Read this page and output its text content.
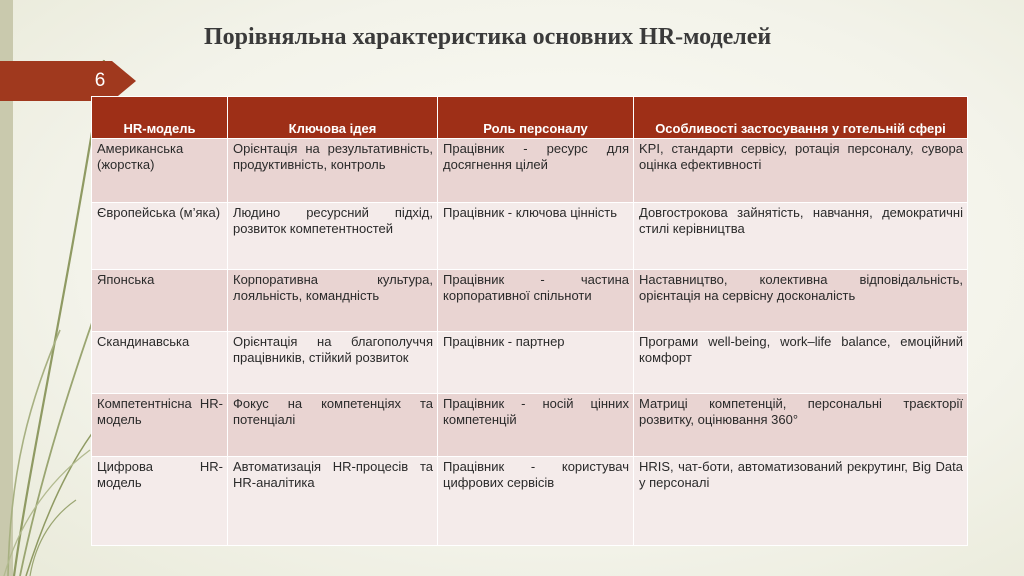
6
Порівняльна характеристика основних HR-моделей
HR-модель	Ключова ідея	Роль персоналу	Особливості застосування у готельній сфері
Американська (жорстка)	Орієнтація на результативність, продуктивність, контроль	Працівник - ресурс для досягнення цілей	KPI, стандарти сервісу, ротація персоналу, сувора оцінка ефективності
Європейська (м’яка)	Людино ресурсний підхід, розвиток компетентностей	Працівник - ключова цінність	Довгострокова зайнятість, навчання, демократичні стилі керівництва
Японська	Корпоративна культура, лояльність, командність	Працівник - частина корпоративної спільноти	Наставництво, колективна відповідальність, орієнтація на сервісну досконалість
Скандинавська	Орієнтація на благополуччя працівників, стійкий розвиток	Працівник - партнер	Програми well-being, work–life balance, емоційний комфорт
Компетентнісна HR-модель	Фокус на компетенціях та потенціалі	Працівник - носій цінних компетенцій	Матриці компетенцій, персональні траєкторії розвитку, оцінювання 360°
Цифрова HR-модель	Автоматизація HR-процесів та HR-аналітика	Працівник - користувач цифрових сервісів	HRIS, чат-боти, автоматизований рекрутинг, Big Data у персоналі
